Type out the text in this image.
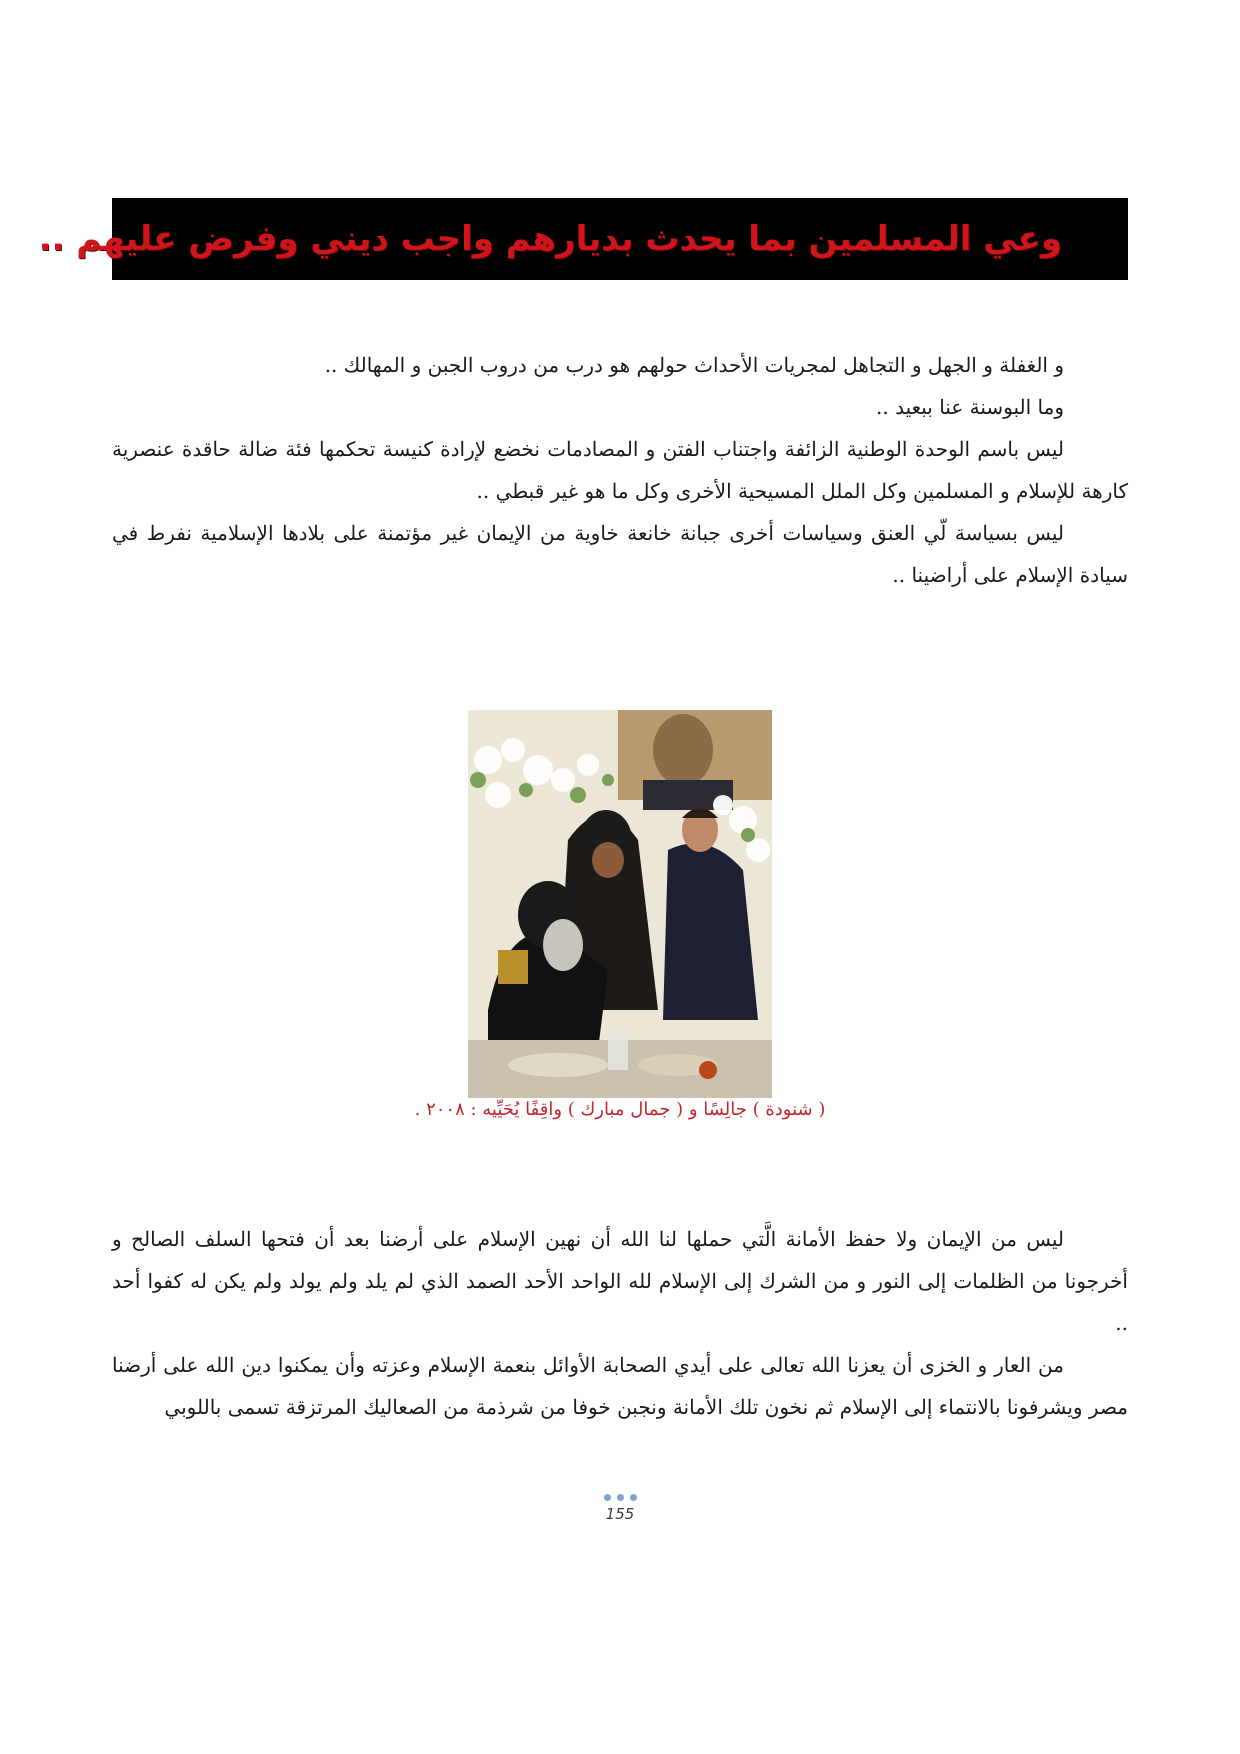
وعي المسلمين بما يحدث بديارهم واجب ديني وفرض عليهم ..

و الغفلة و الجهل و التجاهل لمجريات الأحداث حولهم هو درب من دروب الجبن و المهالك ..

وما البوسنة عنا ببعيد ..

ليس باسم الوحدة الوطنية الزائفة واجتناب الفتن و المصادمات نخضع لإرادة كنيسة تحكمها فئة ضالة حاقدة عنصرية كارهة للإسلام و المسلمين وكل الملل المسيحية الأخرى وكل ما هو غير قبطي ..

ليس بسياسة لّي العنق وسياسات أخرى جبانة خانعة خاوية من الإيمان غير مؤتمنة على بلادها الإسلامية نفرط في سيادة الإسلام على أراضينا ..

( شنودة ) جالِسًا و ( جمال مبارك ) واقِفًا يُحَيِّيه : ٢٠٠٨ .

ليس من الإيمان ولا حفظ الأمانة الَّتي حملها لنا الله أن نهين الإسلام على أرضنا بعد أن فتحها السلف الصالح و أخرجونا من الظلمات إلى النور و من الشرك إلى الإسلام لله الواحد الأحد الصمد الذي لم يلد ولم يولد ولم يكن له كفوا أحد ..

من العار و الخزى أن يعزنا الله تعالى على أيدي الصحابة الأوائل بنعمة الإسلام وعزته وأن يمكنوا دين الله على أرضنا مصر ويشرفونا بالانتماء إلى الإسلام ثم نخون تلك الأمانة ونجبن خوفا من شرذمة من الصعاليك المرتزقة تسمى باللوبي

155
